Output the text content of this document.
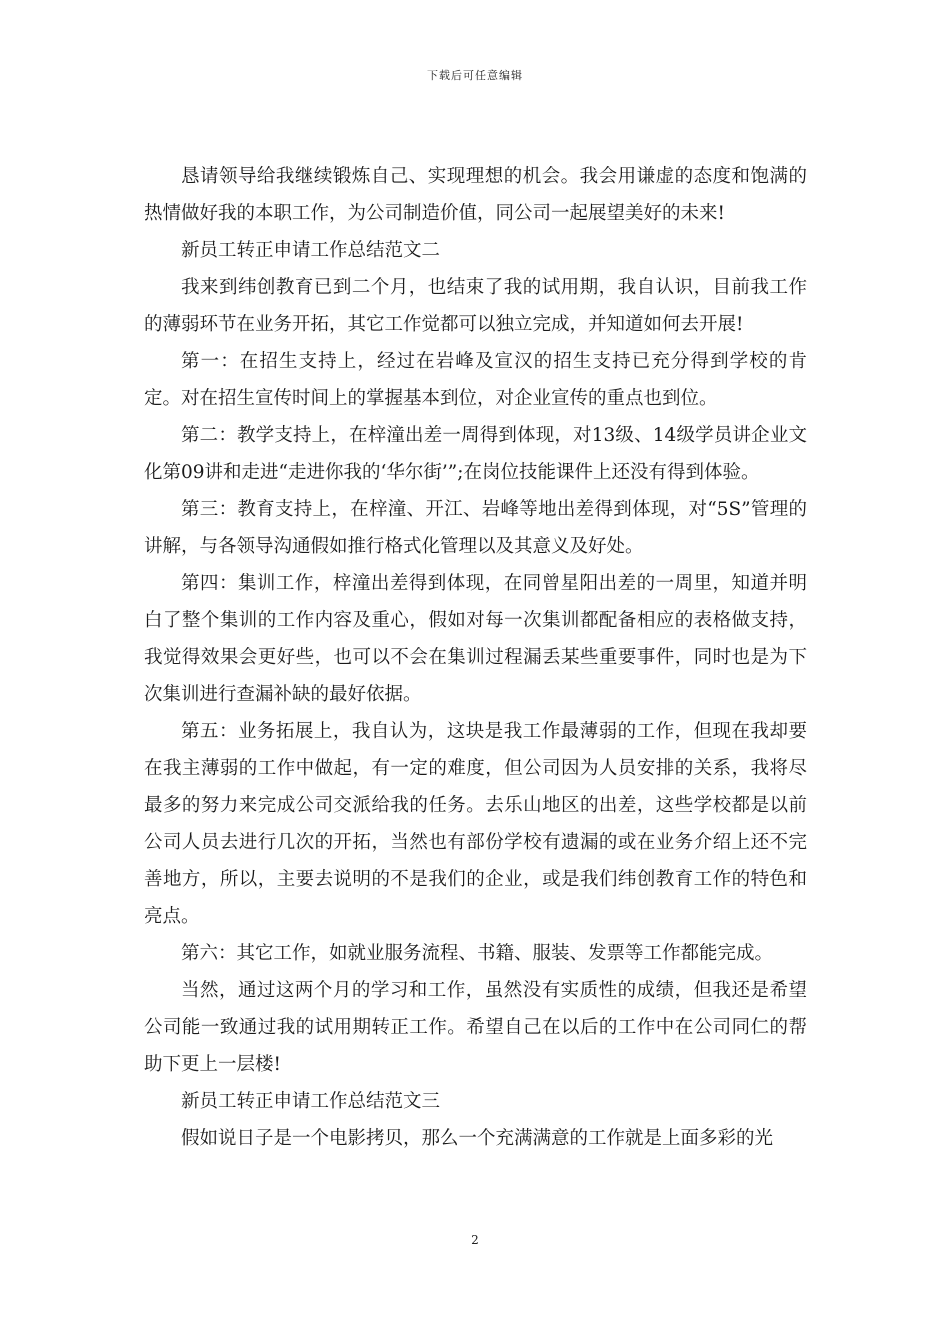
下载后可任意编辑

恳请领导给我继续锻炼自己、实现理想的机会。我会用谦虚的态度和饱满的热情做好我的本职工作，为公司制造价值，同公司一起展望美好的未来!

新员工转正申请工作总结范文二

我来到纬创教育已到二个月，也结束了我的试用期，我自认识，目前我工作的薄弱环节在业务开拓，其它工作觉都可以独立完成，并知道如何去开展!

第一：在招生支持上，经过在岩峰及宣汉的招生支持已充分得到学校的肯定。对在招生宣传时间上的掌握基本到位，对企业宣传的重点也到位。

第二：教学支持上，在梓潼出差一周得到体现，对13级、14级学员讲企业文化第09讲和走进“走进你我的‘华尔街’”;在岗位技能课件上还没有得到体验。

第三：教育支持上，在梓潼、开江、岩峰等地出差得到体现，对“5S”管理的讲解，与各领导沟通假如推行格式化管理以及其意义及好处。

第四：集训工作，梓潼出差得到体现，在同曾星阳出差的一周里，知道并明白了整个集训的工作内容及重心，假如对每一次集训都配备相应的表格做支持，我觉得效果会更好些，也可以不会在集训过程漏丢某些重要事件，同时也是为下次集训进行查漏补缺的最好依据。

第五：业务拓展上，我自认为，这块是我工作最薄弱的工作，但现在我却要在我主薄弱的工作中做起，有一定的难度，但公司因为人员安排的关系，我将尽最多的努力来完成公司交派给我的任务。去乐山地区的出差，这些学校都是以前公司人员去进行几次的开拓，当然也有部份学校有遗漏的或在业务介绍上还不完善地方，所以，主要去说明的不是我们的企业，或是我们纬创教育工作的特色和亮点。

第六：其它工作，如就业服务流程、书籍、服装、发票等工作都能完成。

当然，通过这两个月的学习和工作，虽然没有实质性的成绩，但我还是希望公司能一致通过我的试用期转正工作。希望自己在以后的工作中在公司同仁的帮助下更上一层楼!

新员工转正申请工作总结范文三

假如说日子是一个电影拷贝，那么一个充满满意的工作就是上面多彩的光

2
